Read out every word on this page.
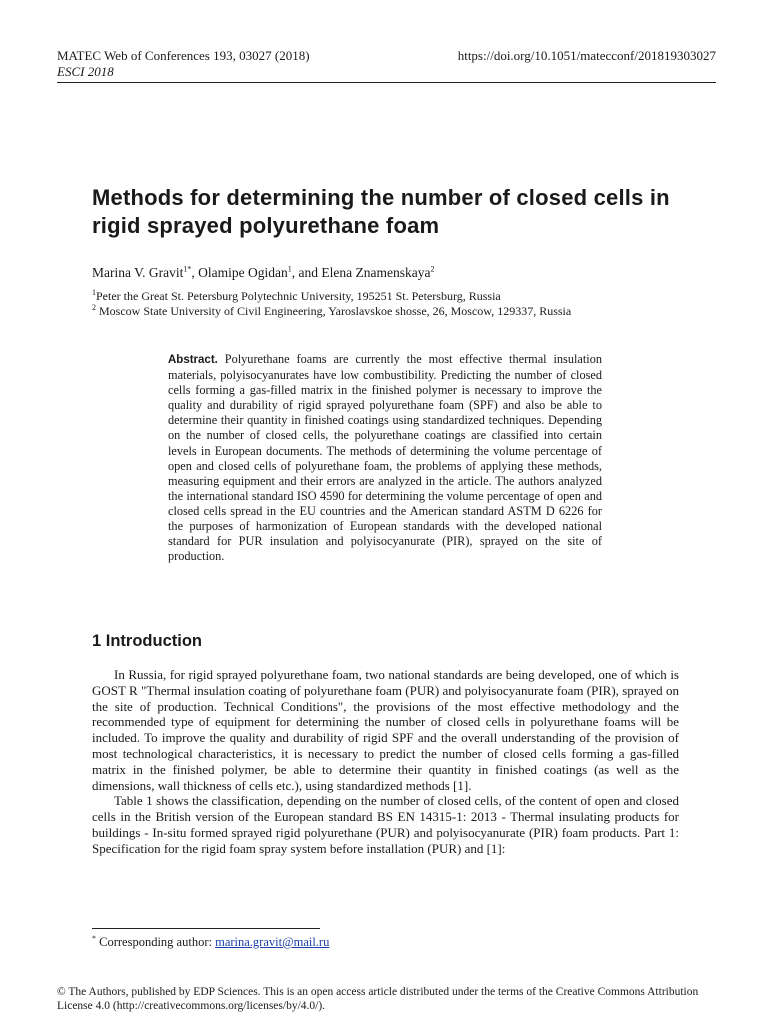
MATEC Web of Conferences 193, 03027 (2018)
ESCI 2018
https://doi.org/10.1051/matecconf/201819303027
Methods for determining the number of closed cells in rigid sprayed polyurethane foam
Marina V. Gravit$^{1*}$, Olamipe Ogidan$^1$, and Elena Znamenskaya$^2$
$^1$Peter the Great St. Petersburg Polytechnic University, 195251 St. Petersburg, Russia
$^2$ Moscow State University of Civil Engineering, Yaroslavskoe shosse, 26, Moscow, 129337, Russia

Abstract. Polyurethane foams are currently the most effective thermal insulation materials, polyisocyanurates have low combustibility. Predicting the number of closed cells forming a gas-filled matrix in the finished polymer is necessary to improve the quality and durability of rigid sprayed polyurethane foam (SPF) and also be able to determine their quantity in finished coatings using standardized techniques. Depending on the number of closed cells, the polyurethane coatings are classified into certain levels in European documents. The methods of determining the volume percentage of open and closed cells of polyurethane foam, the problems of applying these methods, measuring equipment and their errors are analyzed in the article. The authors analyzed the international standard ISO 4590 for determining the volume percentage of open and closed cells spread in the EU countries and the American standard ASTM D 6226 for the purposes of harmonization of European standards with the developed national standard for PUR insulation and polyisocyanurate (PIR), sprayed on the site of production.

1 Introduction

In Russia, for rigid sprayed polyurethane foam, two national standards are being developed, one of which is GOST R "Thermal insulation coating of polyurethane foam (PUR) and polyisocyanurate foam (PIR), sprayed on the site of production. Technical Conditions", the provisions of the most effective methodology and the recommended type of equipment for determining the number of closed cells in polyurethane foams will be included. To improve the quality and durability of rigid SPF and the overall understanding of the provision of most technological characteristics, it is necessary to predict the number of closed cells forming a gas-filled matrix in the finished polymer, be able to determine their quantity in finished coatings (as well as the dimensions, wall thickness of cells etc.), using standardized methods [1].

Table 1 shows the classification, depending on the number of closed cells, of the content of open and closed cells in the British version of the European standard BS EN 14315-1: 2013 - Thermal insulating products for buildings - In-situ formed sprayed rigid polyurethane (PUR) and polyisocyanurate (PIR) foam products. Part 1: Specification for the rigid foam spray system before installation (PUR) and [1]:

* Corresponding author: marina.gravit@mail.ru
© The Authors, published by EDP Sciences. This is an open access article distributed under the terms of the Creative Commons Attribution License 4.0 (http://creativecommons.org/licenses/by/4.0/).
